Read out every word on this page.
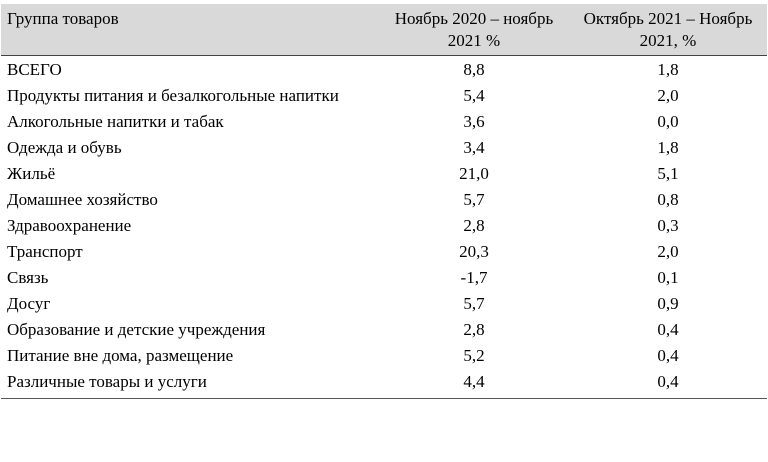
Группа товаров	Ноябрь 2020 – ноябрь 2021 %	Октябрь 2021 – Ноябрь 2021, %
ВСЕГО	8,8	1,8
Продукты питания и безалкогольные напитки	5,4	2,0
Алкогольные напитки и табак	3,6	0,0
Одежда и обувь	3,4	1,8
Жильё	21,0	5,1
Домашнее хозяйство	5,7	0,8
Здравоохранение	2,8	0,3
Транспорт	20,3	2,0
Связь	-1,7	0,1
Досуг	5,7	0,9
Образование и детские учреждения	2,8	0,4
Питание вне дома, размещение	5,2	0,4
Различные товары и услуги	4,4	0,4
